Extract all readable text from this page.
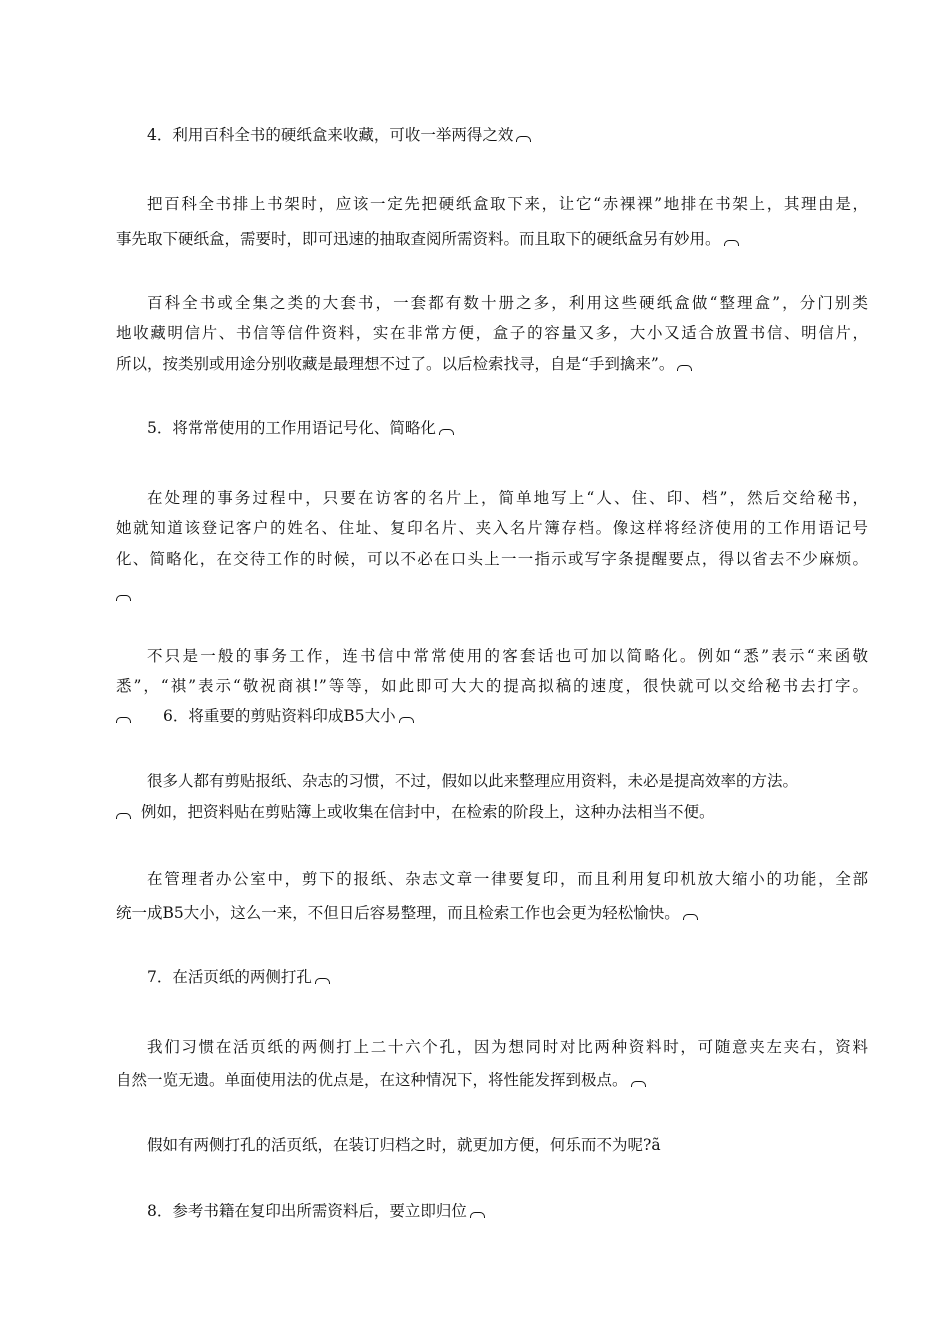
4．利用百科全书的硬纸盒来收藏，可收一举两得之效
把百科全书排上书架时，应该一定先把硬纸盒取下来，让它“赤裸裸”地排在书架上，其理由是，
事先取下硬纸盒，需要时，即可迅速的抽取查阅所需资料。而且取下的硬纸盒另有妙用。
百科全书或全集之类的大套书，一套都有数十册之多，利用这些硬纸盒做“整理盒”，分门别类
地收藏明信片、书信等信件资料，实在非常方便，盒子的容量又多，大小又适合放置书信、明信片，
所以，按类别或用途分别收藏是最理想不过了。以后检索找寻，自是“手到擒来”。
5．将常常使用的工作用语记号化、简略化
在处理的事务过程中，只要在访客的名片上，简单地写上“人、住、印、档”，然后交给秘书，
她就知道该登记客户的姓名、住址、复印名片、夹入名片簿存档。像这样将经济使用的工作用语记号
化、简略化，在交待工作的时候，可以不必在口头上一一指示或写字条提醒要点，得以省去不少麻烦。
不只是一般的事务工作，连书信中常常使用的客套话也可加以简略化。例如“悉”表示“来函敬
悉”，“祺”表示“敬祝商祺!”等等，如此即可大大的提高拟稿的速度，很快就可以交给秘书去打字。
6．将重要的剪贴资料印成B5大小
很多人都有剪贴报纸、杂志的习惯，不过，假如以此来整理应用资料，未必是提高效率的方法。
例如，把资料贴在剪贴簿上或收集在信封中，在检索的阶段上，这种办法相当不便。
在管理者办公室中，剪下的报纸、杂志文章一律要复印，而且利用复印机放大缩小的功能，全部
统一成B5大小，这么一来，不但日后容易整理，而且检索工作也会更为轻松愉快。
7．在活页纸的两侧打孔
我们习惯在活页纸的两侧打上二十六个孔，因为想同时对比两种资料时，可随意夹左夹右，资料
自然一览无遗。单面使用法的优点是，在这种情况下，将性能发挥到极点。
假如有两侧打孔的活页纸，在装订归档之时，就更加方便，何乐而不为呢?ã
8．参考书籍在复印出所需资料后，要立即归位
